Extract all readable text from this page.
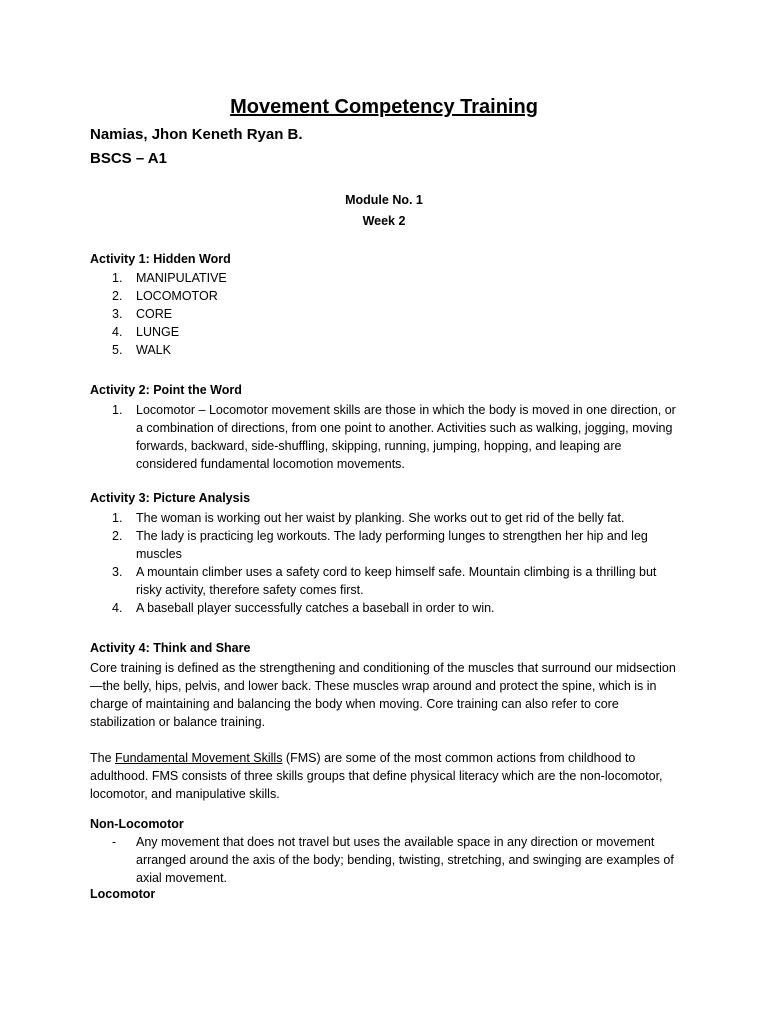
Movement Competency Training
Namias, Jhon Keneth Ryan B.
BSCS – A1
Module No. 1
Week 2
Activity 1: Hidden Word
1. MANIPULATIVE
2. LOCOMOTOR
3. CORE
4. LUNGE
5. WALK
Activity 2: Point the Word
1. Locomotor – Locomotor movement skills are those in which the body is moved in one direction, or a combination of directions, from one point to another. Activities such as walking, jogging, moving forwards, backward, side-shuffling, skipping, running, jumping, hopping, and leaping are considered fundamental locomotion movements.
Activity 3: Picture Analysis
1. The woman is working out her waist by planking. She works out to get rid of the belly fat.
2. The lady is practicing leg workouts. The lady performing lunges to strengthen her hip and leg muscles
3. A mountain climber uses a safety cord to keep himself safe. Mountain climbing is a thrilling but risky activity, therefore safety comes first.
4. A baseball player successfully catches a baseball in order to win.
Activity 4: Think and Share

Core training is defined as the strengthening and conditioning of the muscles that surround our midsection—the belly, hips, pelvis, and lower back. These muscles wrap around and protect the spine, which is in charge of maintaining and balancing the body when moving. Core training can also refer to core stabilization or balance training.

The Fundamental Movement Skills (FMS) are some of the most common actions from childhood to adulthood. FMS consists of three skills groups that define physical literacy which are the non-locomotor, locomotor, and manipulative skills.

Non-Locomotor
- Any movement that does not travel but uses the available space in any direction or movement arranged around the axis of the body; bending, twisting, stretching, and swinging are examples of axial movement.
Locomotor
